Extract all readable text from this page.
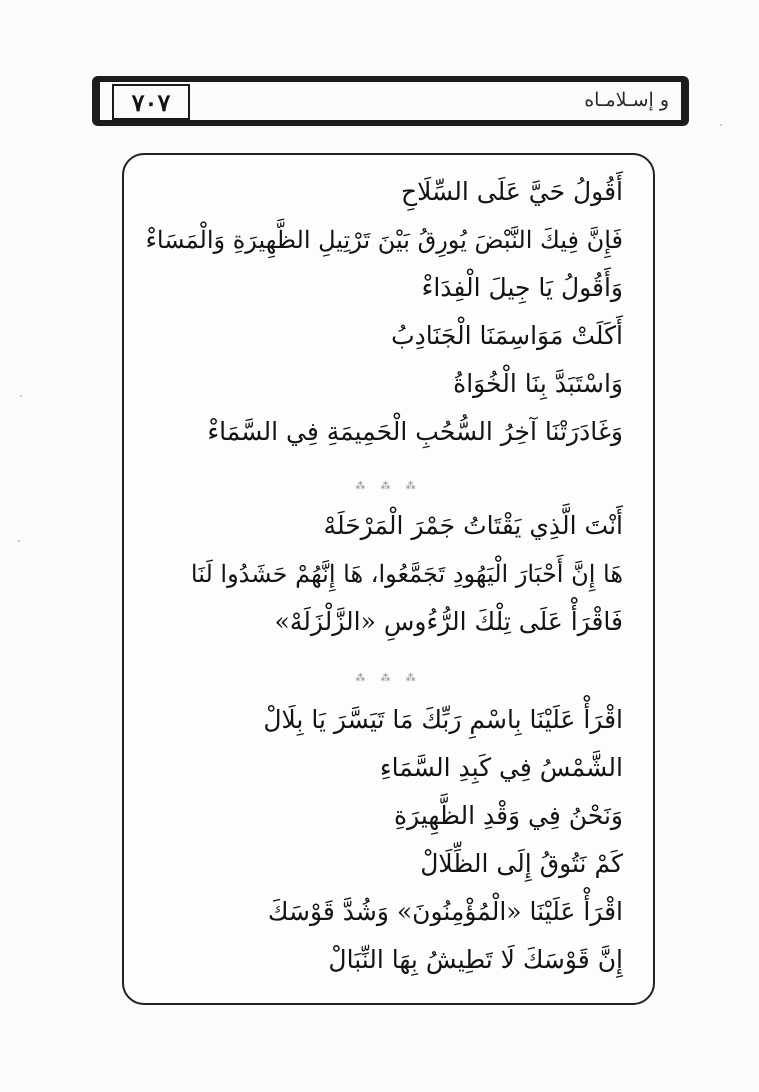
٧٠٧	و إسـلامـاه
أَقُولُ حَيَّ عَلَى السِّلَاحِ
فَإِنَّ فِيكَ النَّبْضَ يُورِقُ بَيْنَ تَرْتِيلِ الظَّهِيرَةِ وَالْمَسَاءْ
وَأَقُولُ يَا جِيلَ الْفِدَاءْ
أَكَلَتْ مَوَاسِمَنَا الْجَنَادِبُ
وَاسْتَبَدَّ بِنَا الْخُوَاةُ
وَغَادَرَتْنَا آخِرُ السُّحُبِ الْحَمِيمَةِ فِي السَّمَاءْ
⁂ ⁂ ⁂
أَنْتَ الَّذِي يَقْتَاتُ جَمْرَ الْمَرْحَلَهْ
هَا إِنَّ أَحْبَارَ الْيَهُودِ تَجَمَّعُوا، هَا إِنَّهُمْ حَشَدُوا لَنَا
فَاقْرَأْ عَلَى تِلْكَ الرُّءُوسِ «الزَّلْزَلَهْ»
⁂ ⁂ ⁂
اقْرَأْ عَلَيْنَا بِاسْمِ رَبِّكَ مَا تَيَسَّرَ يَا بِلَالْ
الشَّمْسُ فِي كَبِدِ السَّمَاءِ
وَنَحْنُ فِي وَقْدِ الظَّهِيرَةِ
كَمْ نَتُوقُ إِلَى الظِّلَالْ
اقْرَأْ عَلَيْنَا «الْمُؤْمِنُونَ» وَشُدَّ قَوْسَكَ
إِنَّ قَوْسَكَ لَا تَطِيشُ بِهَا النِّبَالْ
